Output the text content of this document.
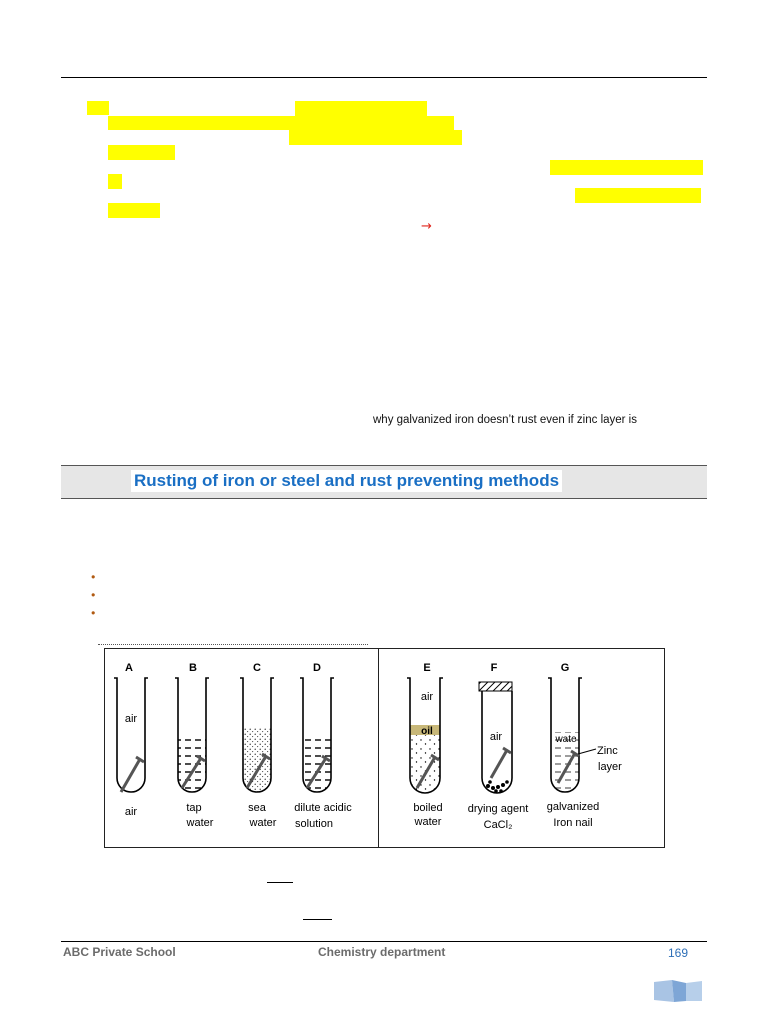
→
why galvanized iron doesn’t rust even if zinc layer is
Rusting of iron or steel and rust preventing methods
•
•
•
A
air
air
B
tap
water
C
sea
water
D
dilute acidic
solution
E
air
oil
boiled
water
F
air
drying agent
CaCl₂
G
wate
Zinc
layer
galvanized
Iron nail
ABC Private School	Chemistry department	169
